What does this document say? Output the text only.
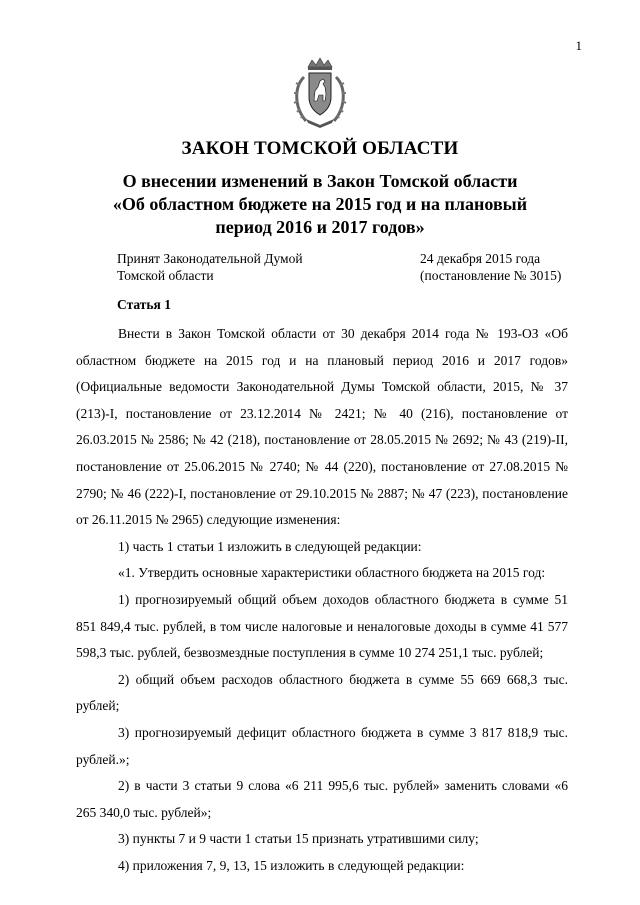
1
ЗАКОН ТОМСКОЙ ОБЛАСТИ
О внесении изменений в Закон Томской области
«Об областном бюджете на 2015 год и на плановый
период 2016 и 2017 годов»
Принят Законодательной Думой
Томской области
24 декабря 2015 года
(постановление № 3015)
Статья 1

Внести в Закон Томской области от 30 декабря 2014 года № 193-ОЗ «Об областном бюджете на 2015 год и на плановый период 2016 и 2017 годов» (Официальные ведомости Законодательной Думы Томской области, 2015, № 37 (213)-I, постановление от 23.12.2014 № 2421; № 40 (216), постановление от 26.03.2015 № 2586; № 42 (218), постановление от 28.05.2015 № 2692; № 43 (219)-II, постановление от 25.06.2015 № 2740; № 44 (220), постановление от 27.08.2015 № 2790; № 46 (222)-I, постановление от 29.10.2015 № 2887; № 47 (223), постановление от 26.11.2015 № 2965) следующие изменения:

1) часть 1 статьи 1 изложить в следующей редакции:

«1. Утвердить основные характеристики областного бюджета на 2015 год:

1) прогнозируемый общий объем доходов областного бюджета в сумме 51 851 849,4 тыс. рублей, в том числе налоговые и неналоговые доходы в сумме 41 577 598,3 тыс. рублей, безвозмездные поступления в сумме 10 274 251,1 тыс. рублей;

2) общий объем расходов областного бюджета в сумме 55 669 668,3 тыс. рублей;

3) прогнозируемый дефицит областного бюджета в сумме 3 817 818,9 тыс. рублей.»;

2) в части 3 статьи 9 слова «6 211 995,6 тыс. рублей» заменить словами «6 265 340,0 тыс. рублей»;

3) пункты 7 и 9 части 1 статьи 15 признать утратившими силу;

4) приложения 7, 9, 13, 15 изложить в следующей редакции:
